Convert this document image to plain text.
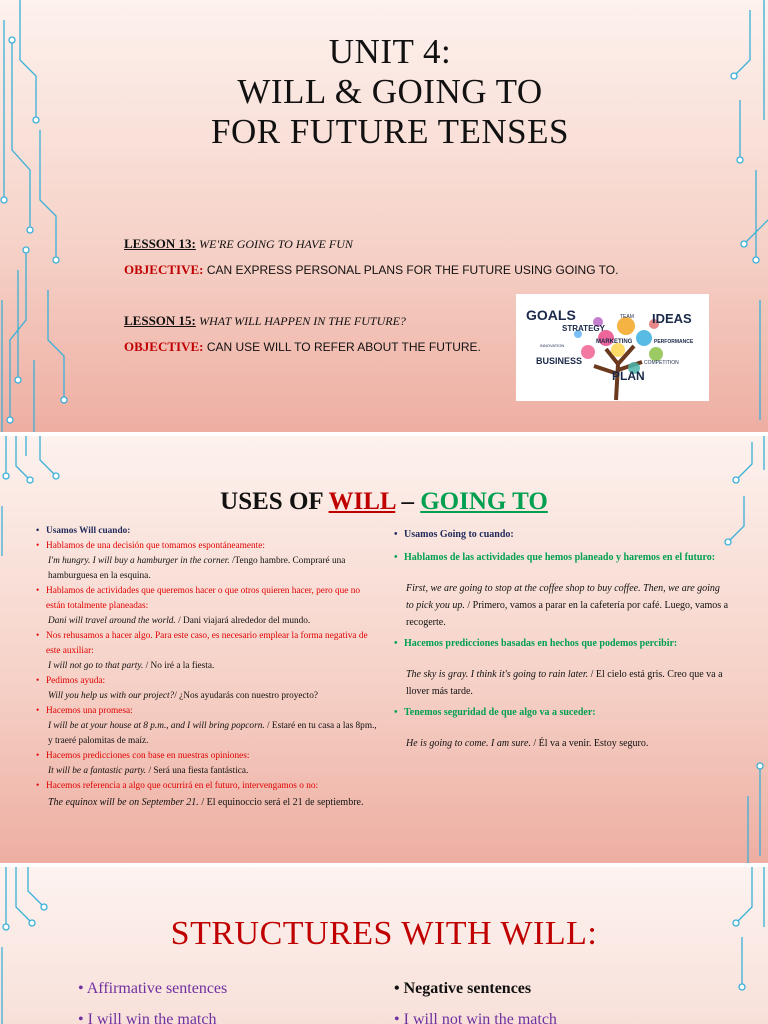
UNIT 4:
WILL & GOING TO
FOR FUTURE TENSES
LESSON 13: WE'RE GOING TO HAVE FUN
OBJECTIVE: CAN EXPRESS PERSONAL PLANS FOR THE FUTURE USING GOING TO.
LESSON 15: WHAT WILL HAPPEN IN THE FUTURE?
OBJECTIVE: CAN USE WILL TO REFER ABOUT THE FUTURE.
GOALS	IDEAS
TEAM
STRATEGY
MARKETING	PERFORMANCE
INNOVATION
BUSINESS	COMPETITION
PLAN
USES OF WILL – GOING TO

• Usamos Will cuando:

• Hablamos de una decisión que tomamos espontáneamente:

I'm hungry. I will buy a hamburger in the corner. /Tengo hambre. Compraré una hamburguesa en la esquina.

• Hablamos de actividades que queremos hacer o que otros quieren hacer, pero que no están totalmente planeadas:

Dani will travel around the world. / Dani viajará alrededor del mundo.

• Nos rehusamos a hacer algo. Para este caso, es necesario emplear la forma negativa de este auxiliar:

I will not go to that party. / No iré a la fiesta.

• Pedimos ayuda:

Will you help us with our project?/ ¿Nos ayudarás con nuestro proyecto?

• Hacemos una promesa:

I will be at your house at 8 p.m., and I will bring popcorn. / Estaré en tu casa a las 8pm., y traeré palomitas de maíz.

• Hacemos predicciones con base en nuestras opiniones:

It will be a fantastic party. / Será una fiesta fantástica.

• Hacemos referencia a algo que ocurrirá en el futuro, intervengamos o no:

The equinox will be on September 21. / El equinoccio será el 21 de septiembre.

• Usamos Going to cuando:

• Hablamos de las actividades que hemos planeado y haremos en el futuro:

First, we are going to stop at the coffee shop to buy coffee. Then, we are going to pick you up. / Primero, vamos a parar en la cafetería por café. Luego, vamos a recogerte.

• Hacemos predicciones basadas en hechos que podemos percibir:

The sky is gray. I think it's going to rain later. / El cielo está gris. Creo que va a llover más tarde.

• Tenemos seguridad de que algo va a suceder:

He is going to come. I am sure. / Él va a venir. Estoy seguro.

STRUCTURES WITH WILL:
• Affirmative sentences
• I will win the match
• Negative sentences
• I will not win the match
